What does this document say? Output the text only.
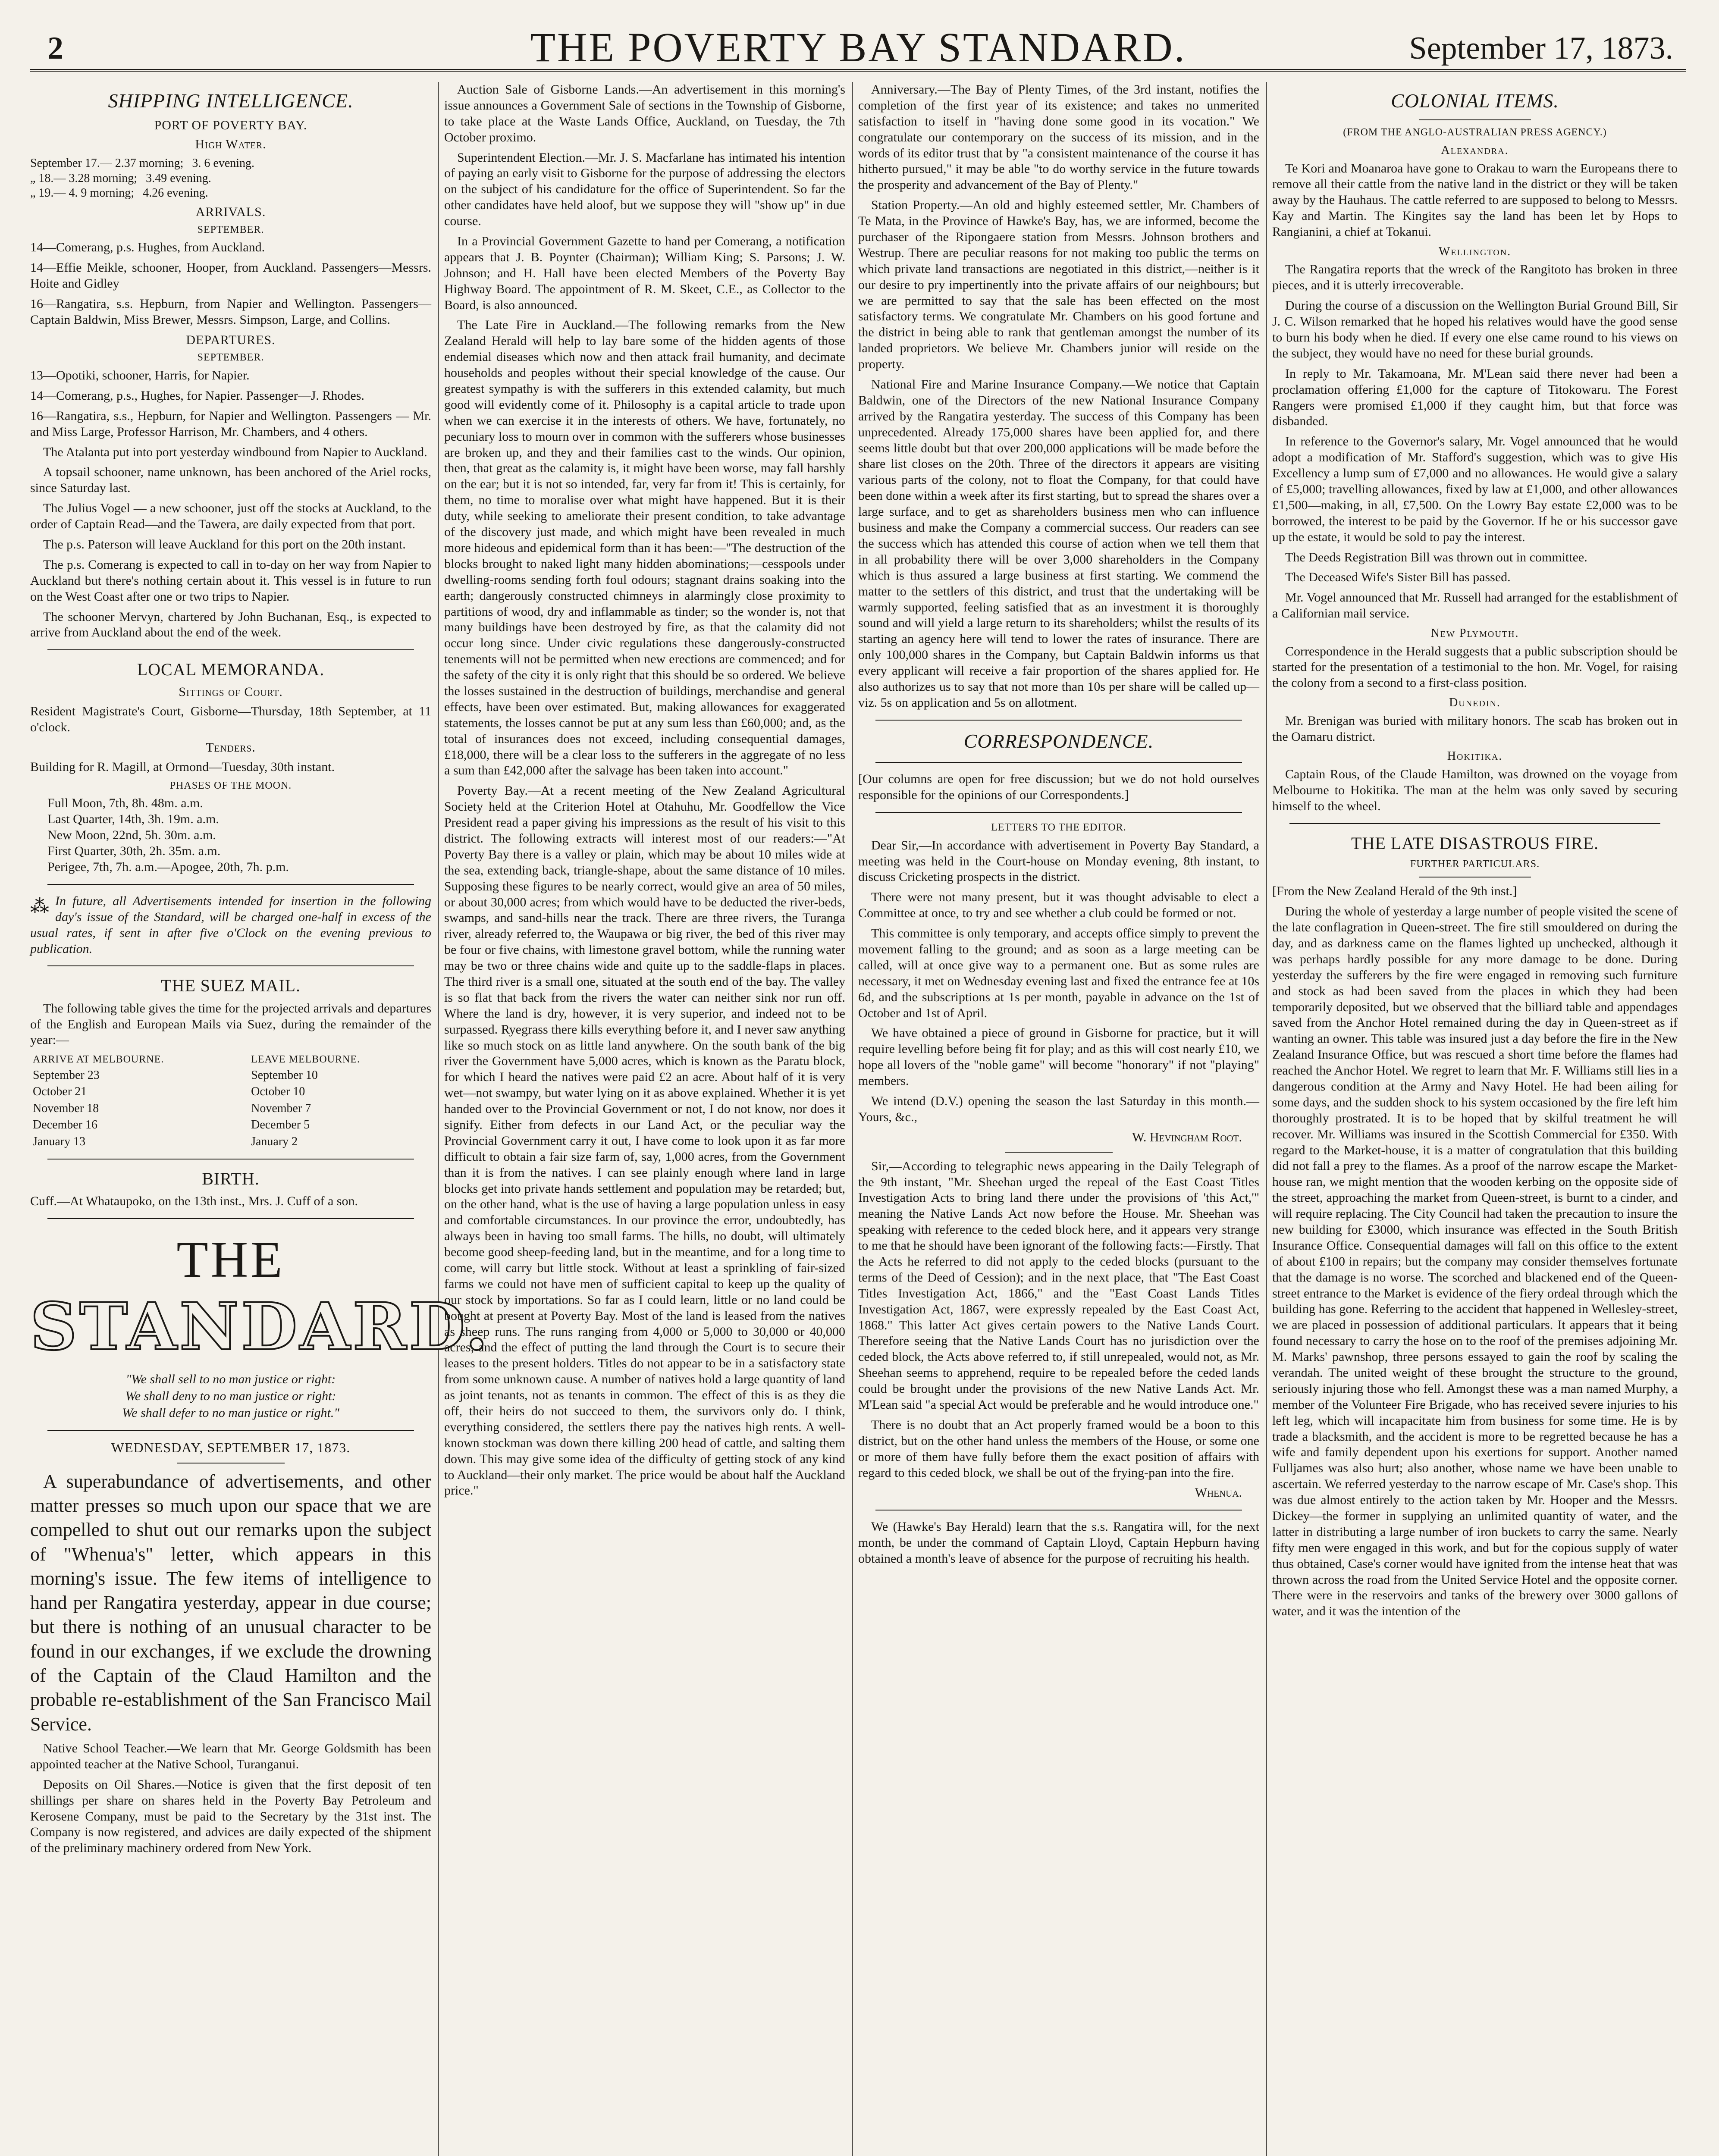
2	THE POVERTY BAY STANDARD.	September 17, 1873.
SHIPPING INTELLIGENCE.
PORT OF POVERTY BAY.
High Water.
September 17.— 2.37 morning; 3. 6 evening.
„ 18.— 3.28 morning; 3.49 evening.
„ 19.— 4. 9 morning; 4.26 evening.
ARRIVALS.
SEPTEMBER.

14—Comerang, p.s. Hughes, from Auckland.

14—Effie Meikle, schooner, Hooper, from Auckland. Passengers—Messrs. Hoite and Gidley

16—Rangatira, s.s. Hepburn, from Napier and Wellington. Passengers—Captain Baldwin, Miss Brewer, Messrs. Simpson, Large, and Collins.

DEPARTURES.
SEPTEMBER.

13—Opotiki, schooner, Harris, for Napier.

14—Comerang, p.s., Hughes, for Napier. Passenger—J. Rhodes.

16—Rangatira, s.s., Hepburn, for Napier and Wellington. Passengers — Mr. and Miss Large, Professor Harrison, Mr. Chambers, and 4 others.

The Atalanta put into port yesterday windbound from Napier to Auckland.

A topsail schooner, name unknown, has been anchored of the Ariel rocks, since Saturday last.

The Julius Vogel — a new schooner, just off the stocks at Auckland, to the order of Captain Read—and the Tawera, are daily expected from that port.

The p.s. Paterson will leave Auckland for this port on the 20th instant.

The p.s. Comerang is expected to call in to-day on her way from Napier to Auckland but there's nothing certain about it. This vessel is in future to run on the West Coast after one or two trips to Napier.

The schooner Mervyn, chartered by John Buchanan, Esq., is expected to arrive from Auckland about the end of the week.

LOCAL MEMORANDA.
Sittings of Court.

Resident Magistrate's Court, Gisborne—Thursday, 18th September, at 11 o'clock.

Tenders.

Building for R. Magill, at Ormond—Tuesday, 30th instant.

PHASES OF THE MOON.
Full Moon, 7th, 8h. 48m. a.m.
Last Quarter, 14th, 3h. 19m. a.m.
New Moon, 22nd, 5h. 30m. a.m.
First Quarter, 30th, 2h. 35m. a.m.
Perigee, 7th, 7h. a.m.—Apogee, 20th, 7h. p.m.
⁂ In future, all Advertisements intended for insertion in the following day's issue of the Standard, will be charged one-half in excess of the usual rates, if sent in after five o'Clock on the evening previous to publication.
THE SUEZ MAIL.

The following table gives the time for the projected arrivals and departures of the English and European Mails via Suez, during the remainder of the year:—

ARRIVE AT MELBOURNE.	LEAVE MELBOURNE.
September 23	September 10
October 21	October 10
November 18	November 7
December 16	December 5
January 13	January 2
BIRTH.

Cuff.—At Whataupoko, on the 13th inst., Mrs. J. Cuff of a son.

THE
STANDARD.
"We shall sell to no man justice or right:
We shall deny to no man justice or right:
We shall defer to no man justice or right."
WEDNESDAY, SEPTEMBER 17, 1873.

A superabundance of advertisements, and other matter presses so much upon our space that we are compelled to shut out our remarks upon the subject of "Whenua's" letter, which appears in this morning's issue. The few items of intelligence to hand per Rangatira yesterday, appear in due course; but there is nothing of an unusual character to be found in our exchanges, if we exclude the drowning of the Captain of the Claud Hamilton and the probable re-establishment of the San Francisco Mail Service.

Native School Teacher.—We learn that Mr. George Goldsmith has been appointed teacher at the Native School, Turanganui.

Deposits on Oil Shares.—Notice is given that the first deposit of ten shillings per share on shares held in the Poverty Bay Petroleum and Kerosene Company, must be paid to the Secretary by the 31st inst. The Company is now registered, and advices are daily expected of the shipment of the preliminary machinery ordered from New York.

Auction Sale of Gisborne Lands.—An advertisement in this morning's issue announces a Government Sale of sections in the Township of Gisborne, to take place at the Waste Lands Office, Auckland, on Tuesday, the 7th October proximo.

Superintendent Election.—Mr. J. S. Macfarlane has intimated his intention of paying an early visit to Gisborne for the purpose of addressing the electors on the subject of his candidature for the office of Superintendent. So far the other candidates have held aloof, but we suppose they will "show up" in due course.

In a Provincial Government Gazette to hand per Comerang, a notification appears that J. B. Poynter (Chairman); William King; S. Parsons; J. W. Johnson; and H. Hall have been elected Members of the Poverty Bay Highway Board. The appointment of R. M. Skeet, C.E., as Collector to the Board, is also announced.

The Late Fire in Auckland.—The following remarks from the New Zealand Herald will help to lay bare some of the hidden agents of those endemial diseases which now and then attack frail humanity, and decimate households and peoples without their special knowledge of the cause. Our greatest sympathy is with the sufferers in this extended calamity, but much good will evidently come of it. Philosophy is a capital article to trade upon when we can exercise it in the interests of others. We have, fortunately, no pecuniary loss to mourn over in common with the sufferers whose businesses are broken up, and they and their families cast to the winds. Our opinion, then, that great as the calamity is, it might have been worse, may fall harshly on the ear; but it is not so intended, far, very far from it! This is certainly, for them, no time to moralise over what might have happened. But it is their duty, while seeking to ameliorate their present condition, to take advantage of the discovery just made, and which might have been revealed in much more hideous and epidemical form than it has been:—"The destruction of the blocks brought to naked light many hidden abominations;—cesspools under dwelling-rooms sending forth foul odours; stagnant drains soaking into the earth; dangerously constructed chimneys in alarmingly close proximity to partitions of wood, dry and inflammable as tinder; so the wonder is, not that many buildings have been destroyed by fire, as that the calamity did not occur long since. Under civic regulations these dangerously-constructed tenements will not be permitted when new erections are commenced; and for the safety of the city it is only right that this should be so ordered. We believe the losses sustained in the destruction of buildings, merchandise and general effects, have been over estimated. But, making allowances for exaggerated statements, the losses cannot be put at any sum less than £60,000; and, as the total of insurances does not exceed, including consequential damages, £18,000, there will be a clear loss to the sufferers in the aggregate of no less a sum than £42,000 after the salvage has been taken into account."

Poverty Bay.—At a recent meeting of the New Zealand Agricultural Society held at the Criterion Hotel at Otahuhu, Mr. Goodfellow the Vice President read a paper giving his impressions as the result of his visit to this district. The following extracts will interest most of our readers:—"At Poverty Bay there is a valley or plain, which may be about 10 miles wide at the sea, extending back, triangle-shape, about the same distance of 10 miles. Supposing these figures to be nearly correct, would give an area of 50 miles, or about 30,000 acres; from which would have to be deducted the river-beds, swamps, and sand-hills near the track. There are three rivers, the Turanga river, already referred to, the Waupawa or big river, the bed of this river may be four or five chains, with limestone gravel bottom, while the running water may be two or three chains wide and quite up to the saddle-flaps in places. The third river is a small one, situated at the south end of the bay. The valley is so flat that back from the rivers the water can neither sink nor run off. Where the land is dry, however, it is very superior, and indeed not to be surpassed. Ryegrass there kills everything before it, and I never saw anything like so much stock on as little land anywhere. On the south bank of the big river the Government have 5,000 acres, which is known as the Paratu block, for which I heard the natives were paid £2 an acre. About half of it is very wet—not swampy, but water lying on it as above explained. Whether it is yet handed over to the Provincial Government or not, I do not know, nor does it signify. Either from defects in our Land Act, or the peculiar way the Provincial Government carry it out, I have come to look upon it as far more difficult to obtain a fair size farm of, say, 1,000 acres, from the Government than it is from the natives. I can see plainly enough where land in large blocks get into private hands settlement and population may be retarded; but, on the other hand, what is the use of having a large population unless in easy and comfortable circumstances. In our province the error, undoubtedly, has always been in having too small farms. The hills, no doubt, will ultimately become good sheep-feeding land, but in the meantime, and for a long time to come, will carry but little stock. Without at least a sprinkling of fair-sized farms we could not have men of sufficient capital to keep up the quality of our stock by importations. So far as I could learn, little or no land could be bought at present at Poverty Bay. Most of the land is leased from the natives as sheep runs. The runs ranging from 4,000 or 5,000 to 30,000 or 40,000 acres, and the effect of putting the land through the Court is to secure their leases to the present holders. Titles do not appear to be in a satisfactory state from some unknown cause. A number of natives hold a large quantity of land as joint tenants, not as tenants in common. The effect of this is as they die off, their heirs do not succeed to them, the survivors only do. I think, everything considered, the settlers there pay the natives high rents. A well-known stockman was down there killing 200 head of cattle, and salting them down. This may give some idea of the difficulty of getting stock of any kind to Auckland—their only market. The price would be about half the Auckland price."

Anniversary.—The Bay of Plenty Times, of the 3rd instant, notifies the completion of the first year of its existence; and takes no unmerited satisfaction to itself in "having done some good in its vocation." We congratulate our contemporary on the success of its mission, and in the words of its editor trust that by "a consistent maintenance of the course it has hitherto pursued," it may be able "to do worthy service in the future towards the prosperity and advancement of the Bay of Plenty."

Station Property.—An old and highly esteemed settler, Mr. Chambers of Te Mata, in the Province of Hawke's Bay, has, we are informed, become the purchaser of the Ripongaere station from Messrs. Johnson brothers and Westrup. There are peculiar reasons for not making too public the terms on which private land transactions are negotiated in this district,—neither is it our desire to pry impertinently into the private affairs of our neighbours; but we are permitted to say that the sale has been effected on the most satisfactory terms. We congratulate Mr. Chambers on his good fortune and the district in being able to rank that gentleman amongst the number of its landed proprietors. We believe Mr. Chambers junior will reside on the property.

National Fire and Marine Insurance Company.—We notice that Captain Baldwin, one of the Directors of the new National Insurance Company arrived by the Rangatira yesterday. The success of this Company has been unprecedented. Already 175,000 shares have been applied for, and there seems little doubt but that over 200,000 applications will be made before the share list closes on the 20th. Three of the directors it appears are visiting various parts of the colony, not to float the Company, for that could have been done within a week after its first starting, but to spread the shares over a large surface, and to get as shareholders business men who can influence business and make the Company a commercial success. Our readers can see the success which has attended this course of action when we tell them that in all probability there will be over 3,000 shareholders in the Company which is thus assured a large business at first starting. We commend the matter to the settlers of this district, and trust that the undertaking will be warmly supported, feeling satisfied that as an investment it is thoroughly sound and will yield a large return to its shareholders; whilst the results of its starting an agency here will tend to lower the rates of insurance. There are only 100,000 shares in the Company, but Captain Baldwin informs us that every applicant will receive a fair proportion of the shares applied for. He also authorizes us to say that not more than 10s per share will be called up—viz. 5s on application and 5s on allotment.

CORRESPONDENCE.

[Our columns are open for free discussion; but we do not hold ourselves responsible for the opinions of our Correspondents.]

LETTERS TO THE EDITOR.

Dear Sir,—In accordance with advertisement in Poverty Bay Standard, a meeting was held in the Court-house on Monday evening, 8th instant, to discuss Cricketing prospects in the district.

There were not many present, but it was thought advisable to elect a Committee at once, to try and see whether a club could be formed or not.

This committee is only temporary, and accepts office simply to prevent the movement falling to the ground; and as soon as a large meeting can be called, will at once give way to a permanent one. But as some rules are necessary, it met on Wednesday evening last and fixed the entrance fee at 10s 6d, and the subscriptions at 1s per month, payable in advance on the 1st of October and 1st of April.

We have obtained a piece of ground in Gisborne for practice, but it will require levelling before being fit for play; and as this will cost nearly £10, we hope all lovers of the "noble game" will become "honorary" if not "playing" members.

We intend (D.V.) opening the season the last Saturday in this month.—Yours, &c.,

W. Hevingham Root.

Sir,—According to telegraphic news appearing in the Daily Telegraph of the 9th instant, "Mr. Sheehan urged the repeal of the East Coast Titles Investigation Acts to bring land there under the provisions of 'this Act,'" meaning the Native Lands Act now before the House. Mr. Sheehan was speaking with reference to the ceded block here, and it appears very strange to me that he should have been ignorant of the following facts:—Firstly. That the Acts he referred to did not apply to the ceded blocks (pursuant to the terms of the Deed of Cession); and in the next place, that "The East Coast Titles Investigation Act, 1866," and the "East Coast Lands Titles Investigation Act, 1867, were expressly repealed by the East Coast Act, 1868." This latter Act gives certain powers to the Native Lands Court. Therefore seeing that the Native Lands Court has no jurisdiction over the ceded block, the Acts above referred to, if still unrepealed, would not, as Mr. Sheehan seems to apprehend, require to be repealed before the ceded lands could be brought under the provisions of the new Native Lands Act. Mr. M'Lean said "a special Act would be preferable and he would introduce one."

There is no doubt that an Act properly framed would be a boon to this district, but on the other hand unless the members of the House, or some one or more of them have fully before them the exact position of affairs with regard to this ceded block, we shall be out of the frying-pan into the fire.

Whenua.

We (Hawke's Bay Herald) learn that the s.s. Rangatira will, for the next month, be under the command of Captain Lloyd, Captain Hepburn having obtained a month's leave of absence for the purpose of recruiting his health.

COLONIAL ITEMS.
(FROM THE ANGLO-AUSTRALIAN PRESS AGENCY.)
Alexandra.

Te Kori and Moanaroa have gone to Orakau to warn the Europeans there to remove all their cattle from the native land in the district or they will be taken away by the Hauhaus. The cattle referred to are supposed to belong to Messrs. Kay and Martin. The Kingites say the land has been let by Hops to Rangianini, a chief at Tokanui.

Wellington.

The Rangatira reports that the wreck of the Rangitoto has broken in three pieces, and it is utterly irrecoverable.

During the course of a discussion on the Wellington Burial Ground Bill, Sir J. C. Wilson remarked that he hoped his relatives would have the good sense to burn his body when he died. If every one else came round to his views on the subject, they would have no need for these burial grounds.

In reply to Mr. Takamoana, Mr. M'Lean said there never had been a proclamation offering £1,000 for the capture of Titokowaru. The Forest Rangers were promised £1,000 if they caught him, but that force was disbanded.

In reference to the Governor's salary, Mr. Vogel announced that he would adopt a modification of Mr. Stafford's suggestion, which was to give His Excellency a lump sum of £7,000 and no allowances. He would give a salary of £5,000; travelling allowances, fixed by law at £1,000, and other allowances £1,500—making, in all, £7,500. On the Lowry Bay estate £2,000 was to be borrowed, the interest to be paid by the Governor. If he or his successor gave up the estate, it would be sold to pay the interest.

The Deeds Registration Bill was thrown out in committee.

The Deceased Wife's Sister Bill has passed.

Mr. Vogel announced that Mr. Russell had arranged for the establishment of a Californian mail service.

New Plymouth.

Correspondence in the Herald suggests that a public subscription should be started for the presentation of a testimonial to the hon. Mr. Vogel, for raising the colony from a second to a first-class position.

Dunedin.

Mr. Brenigan was buried with military honors. The scab has broken out in the Oamaru district.

Hokitika.

Captain Rous, of the Claude Hamilton, was drowned on the voyage from Melbourne to Hokitika. The man at the helm was only saved by securing himself to the wheel.

THE LATE DISASTROUS FIRE.
FURTHER PARTICULARS.

[From the New Zealand Herald of the 9th inst.]

During the whole of yesterday a large number of people visited the scene of the late conflagration in Queen-street. The fire still smouldered on during the day, and as darkness came on the flames lighted up unchecked, although it was perhaps hardly possible for any more damage to be done. During yesterday the sufferers by the fire were engaged in removing such furniture and stock as had been saved from the places in which they had been temporarily deposited, but we observed that the billiard table and appendages saved from the Anchor Hotel remained during the day in Queen-street as if wanting an owner. This table was insured just a day before the fire in the New Zealand Insurance Office, but was rescued a short time before the flames had reached the Anchor Hotel. We regret to learn that Mr. F. Williams still lies in a dangerous condition at the Army and Navy Hotel. He had been ailing for some days, and the sudden shock to his system occasioned by the fire left him thoroughly prostrated. It is to be hoped that by skilful treatment he will recover. Mr. Williams was insured in the Scottish Commercial for £350. With regard to the Market-house, it is a matter of congratulation that this building did not fall a prey to the flames. As a proof of the narrow escape the Market-house ran, we might mention that the wooden kerbing on the opposite side of the street, approaching the market from Queen-street, is burnt to a cinder, and will require replacing. The City Council had taken the precaution to insure the new building for £3000, which insurance was effected in the South British Insurance Office. Consequential damages will fall on this office to the extent of about £100 in repairs; but the company may consider themselves fortunate that the damage is no worse. The scorched and blackened end of the Queen-street entrance to the Market is evidence of the fiery ordeal through which the building has gone. Referring to the accident that happened in Wellesley-street, we are placed in possession of additional particulars. It appears that it being found necessary to carry the hose on to the roof of the premises adjoining Mr. M. Marks' pawnshop, three persons essayed to gain the roof by scaling the verandah. The united weight of these brought the structure to the ground, seriously injuring those who fell. Amongst these was a man named Murphy, a member of the Volunteer Fire Brigade, who has received severe injuries to his left leg, which will incapacitate him from business for some time. He is by trade a blacksmith, and the accident is more to be regretted because he has a wife and family dependent upon his exertions for support. Another named Fulljames was also hurt; also another, whose name we have been unable to ascertain. We referred yesterday to the narrow escape of Mr. Case's shop. This was due almost entirely to the action taken by Mr. Hooper and the Messrs. Dickey—the former in supplying an unlimited quantity of water, and the latter in distributing a large number of iron buckets to carry the same. Nearly fifty men were engaged in this work, and but for the copious supply of water thus obtained, Case's corner would have ignited from the intense heat that was thrown across the road from the United Service Hotel and the opposite corner. There were in the reservoirs and tanks of the brewery over 3000 gallons of water, and it was the intention of the
